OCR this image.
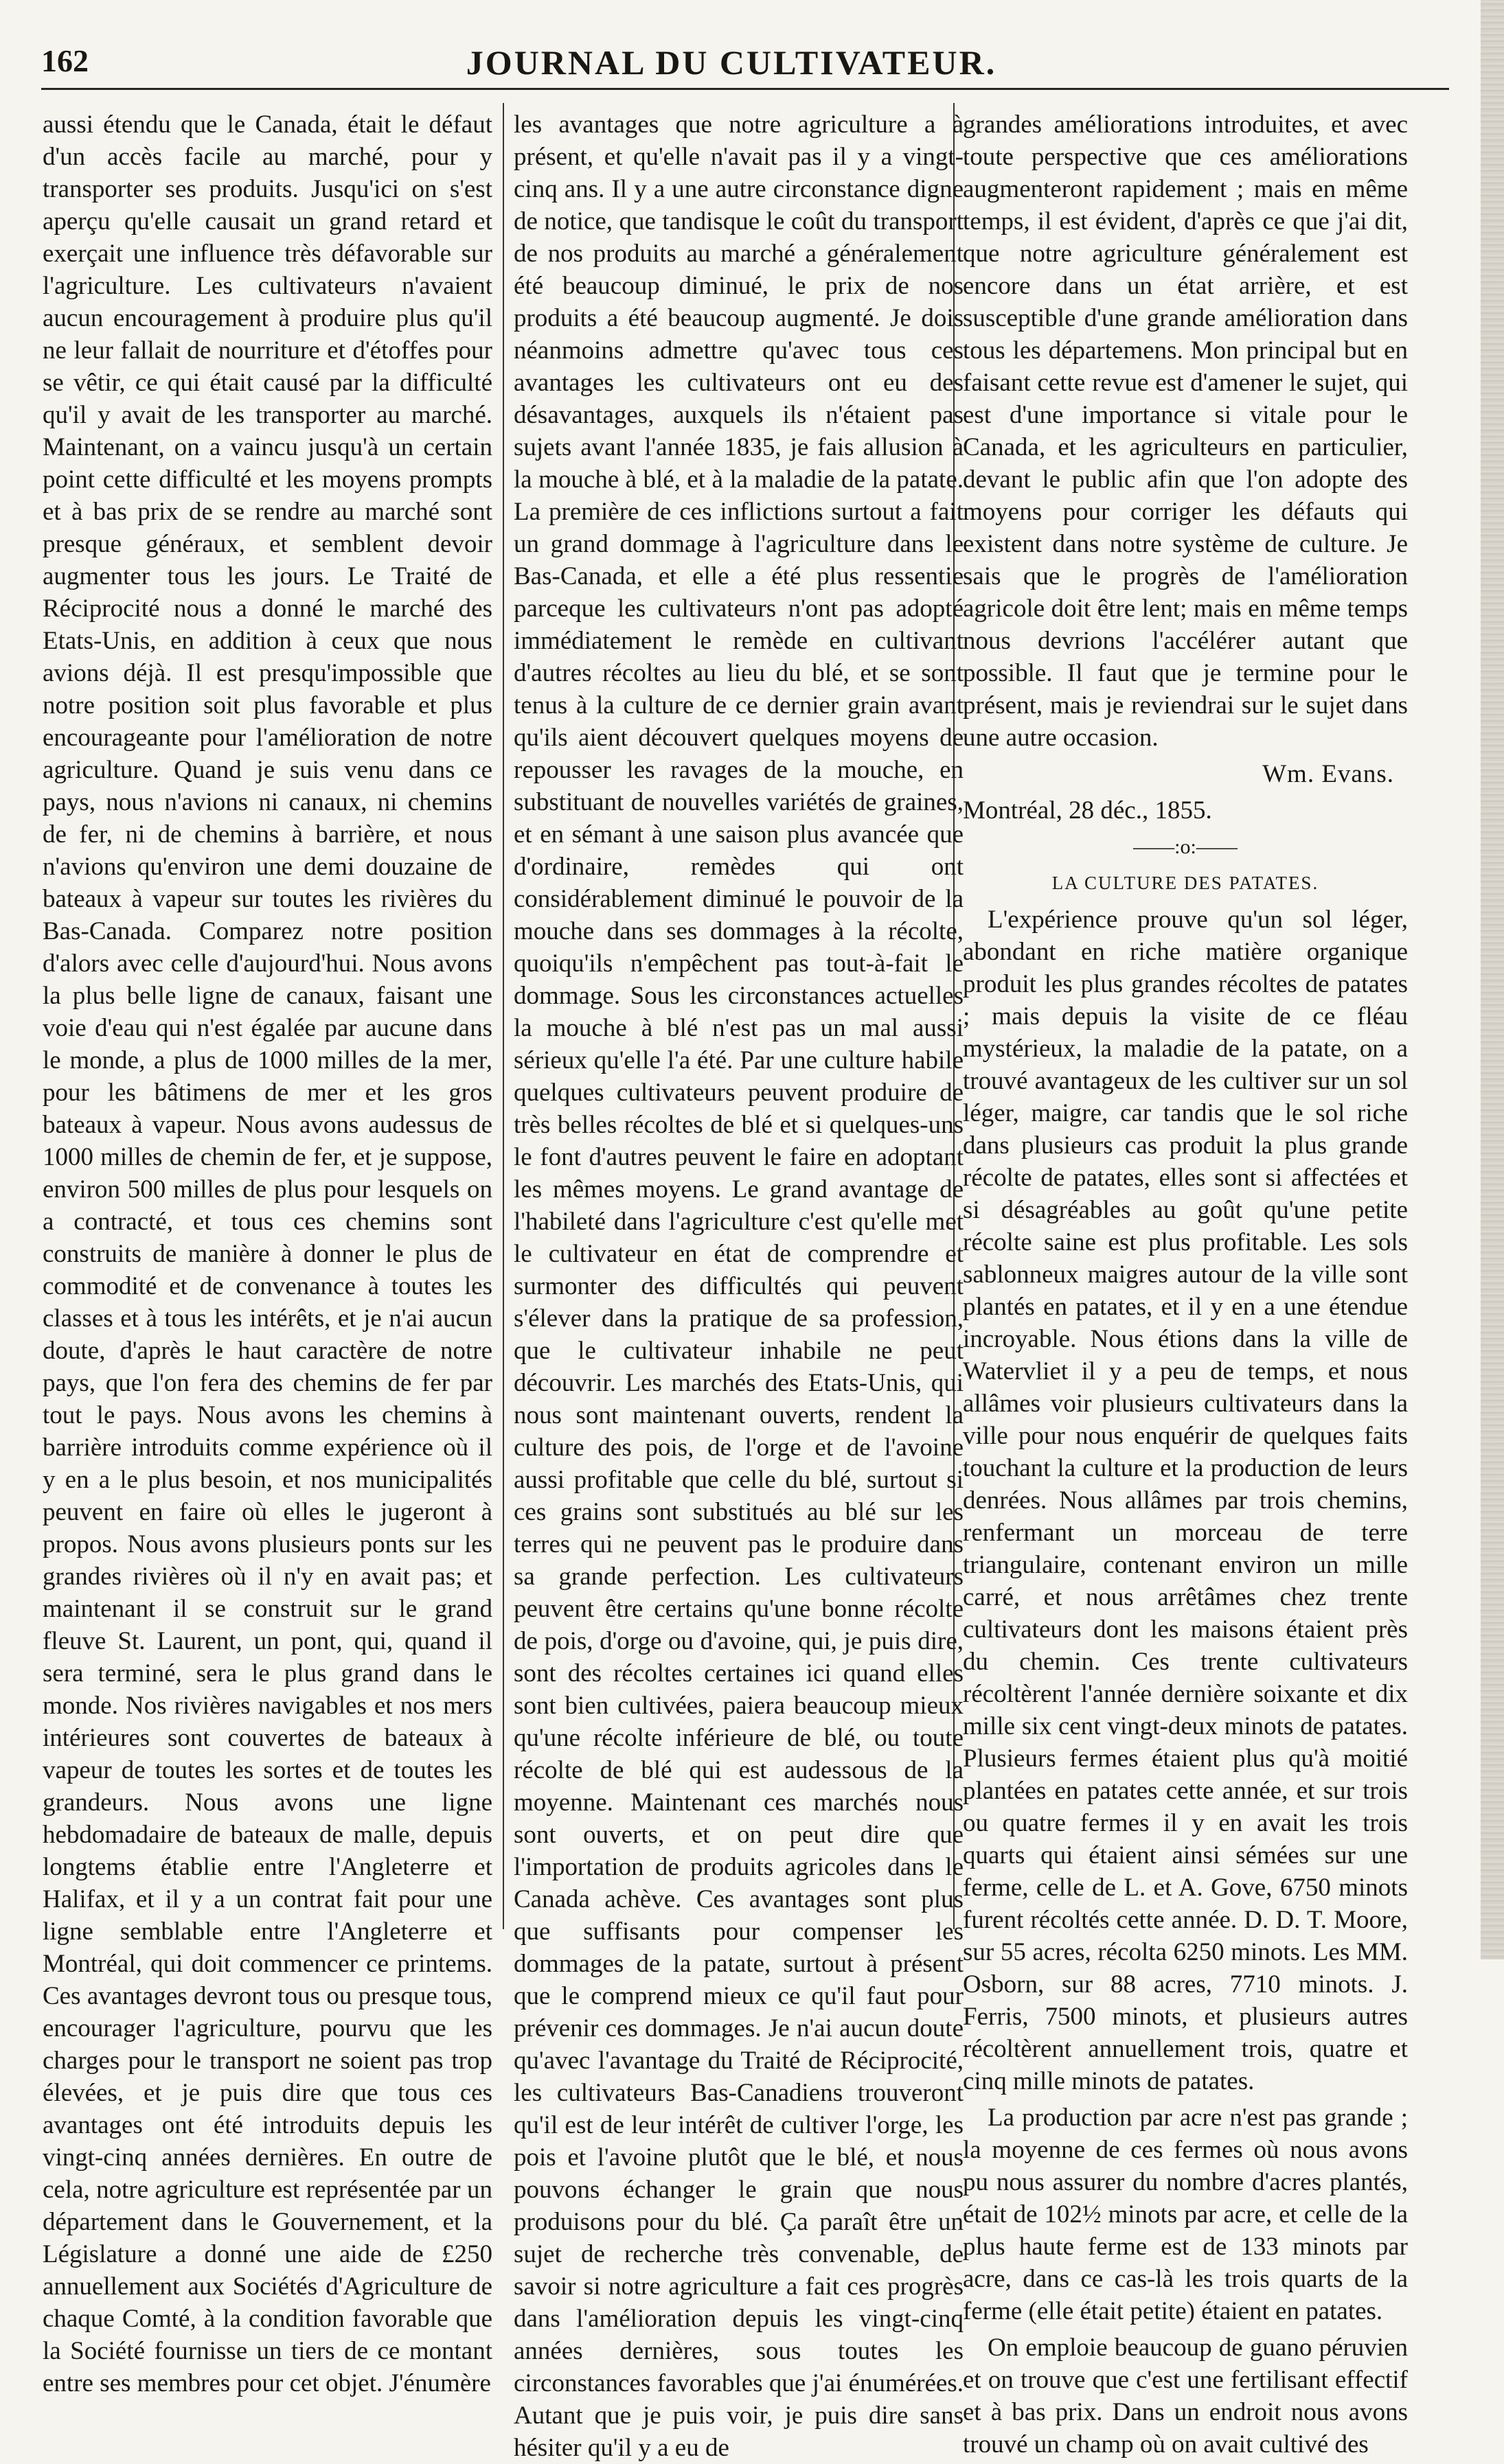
162	JOURNAL DU CULTIVATEUR.

aussi étendu que le Canada, était le défaut d'un accès facile au marché, pour y transporter ses produits. Jusqu'ici on s'est aperçu qu'elle causait un grand retard et exerçait une influence très défavorable sur l'agriculture. Les cultivateurs n'avaient aucun encouragement à produire plus qu'il ne leur fallait de nourriture et d'étoffes pour se vêtir, ce qui était causé par la difficulté qu'il y avait de les transporter au marché. Maintenant, on a vaincu jusqu'à un certain point cette difficulté et les moyens prompts et à bas prix de se rendre au marché sont presque généraux, et semblent devoir augmenter tous les jours. Le Traité de Réciprocité nous a donné le marché des Etats-Unis, en addition à ceux que nous avions déjà. Il est presqu'impossible que notre position soit plus favorable et plus encourageante pour l'amélioration de notre agriculture. Quand je suis venu dans ce pays, nous n'avions ni canaux, ni chemins de fer, ni de chemins à barrière, et nous n'avions qu'environ une demi douzaine de bateaux à vapeur sur toutes les rivières du Bas-Canada. Comparez notre position d'alors avec celle d'aujourd'hui. Nous avons la plus belle ligne de canaux, faisant une voie d'eau qui n'est égalée par aucune dans le monde, a plus de 1000 milles de la mer, pour les bâtimens de mer et les gros bateaux à vapeur. Nous avons audessus de 1000 milles de chemin de fer, et je suppose, environ 500 milles de plus pour lesquels on a contracté, et tous ces chemins sont construits de manière à donner le plus de commodité et de convenance à toutes les classes et à tous les intérêts, et je n'ai aucun doute, d'après le haut caractère de notre pays, que l'on fera des chemins de fer par tout le pays. Nous avons les chemins à barrière introduits comme expérience où il y en a le plus besoin, et nos municipalités peuvent en faire où elles le jugeront à propos. Nous avons plusieurs ponts sur les grandes rivières où il n'y en avait pas; et maintenant il se construit sur le grand fleuve St. Laurent, un pont, qui, quand il sera terminé, sera le plus grand dans le monde. Nos rivières navigables et nos mers intérieures sont couvertes de bateaux à vapeur de toutes les sortes et de toutes les grandeurs. Nous avons une ligne hebdomadaire de bateaux de malle, depuis longtems établie entre l'Angleterre et Halifax, et il y a un contrat fait pour une ligne semblable entre l'Angleterre et Montréal, qui doit commencer ce printems. Ces avantages devront tous ou presque tous, encourager l'agriculture, pourvu que les charges pour le transport ne soient pas trop élevées, et je puis dire que tous ces avantages ont été introduits depuis les vingt-cinq années dernières. En outre de cela, notre agriculture est représentée par un département dans le Gouvernement, et la Législature a donné une aide de £250 annuellement aux Sociétés d'Agriculture de chaque Comté, à la condition favorable que la Société fournisse un tiers de ce montant entre ses membres pour cet objet. J'énumère

les avantages que notre agriculture a à présent, et qu'elle n'avait pas il y a vingt-cinq ans. Il y a une autre circonstance digne de notice, que tandisque le coût du transport de nos produits au marché a généralement été beaucoup diminué, le prix de nos produits a été beaucoup augmenté. Je dois néanmoins admettre qu'avec tous ces avantages les cultivateurs ont eu des désavantages, auxquels ils n'étaient pas sujets avant l'année 1835, je fais allusion à la mouche à blé, et à la maladie de la patate. La première de ces inflictions surtout a fait un grand dommage à l'agriculture dans le Bas-Canada, et elle a été plus ressentie parceque les cultivateurs n'ont pas adopté immédiatement le remède en cultivant d'autres récoltes au lieu du blé, et se sont tenus à la culture de ce dernier grain avant qu'ils aient découvert quelques moyens de repousser les ravages de la mouche, en substituant de nouvelles variétés de graines, et en sémant à une saison plus avancée que d'ordinaire, remèdes qui ont considérablement diminué le pouvoir de la mouche dans ses dommages à la récolte, quoiqu'ils n'empêchent pas tout-à-fait le dommage. Sous les circonstances actuelles la mouche à blé n'est pas un mal aussi sérieux qu'elle l'a été. Par une culture habile quelques cultivateurs peuvent produire de très belles récoltes de blé et si quelques-uns le font d'autres peuvent le faire en adoptant les mêmes moyens. Le grand avantage de l'habileté dans l'agriculture c'est qu'elle met le cultivateur en état de comprendre et surmonter des difficultés qui peuvent s'élever dans la pratique de sa profession, que le cultivateur inhabile ne peut découvrir. Les marchés des Etats-Unis, qui nous sont maintenant ouverts, rendent la culture des pois, de l'orge et de l'avoine aussi profitable que celle du blé, surtout si ces grains sont substitués au blé sur les terres qui ne peuvent pas le produire dans sa grande perfection. Les cultivateurs peuvent être certains qu'une bonne récolte de pois, d'orge ou d'avoine, qui, je puis dire, sont des récoltes certaines ici quand elles sont bien cultivées, paiera beaucoup mieux qu'une récolte inférieure de blé, ou toute récolte de blé qui est audessous de la moyenne. Maintenant ces marchés nous sont ouverts, et on peut dire que l'importation de produits agricoles dans le Canada achève. Ces avantages sont plus que suffisants pour compenser les dommages de la patate, surtout à présent que le comprend mieux ce qu'il faut pour prévenir ces dommages. Je n'ai aucun doute qu'avec l'avantage du Traité de Réciprocité, les cultivateurs Bas-Canadiens trouveront qu'il est de leur intérêt de cultiver l'orge, les pois et l'avoine plutôt que le blé, et nous pouvons échanger le grain que nous produisons pour du blé. Ça paraît être un sujet de recherche très convenable, de savoir si notre agriculture a fait ces progrès dans l'amélioration depuis les vingt-cinq années dernières, sous toutes les circonstances favorables que j'ai énumérées. Autant que je puis voir, je puis dire sans hésiter qu'il y a eu de

grandes améliorations introduites, et avec toute perspective que ces améliorations augmenteront rapidement ; mais en même temps, il est évident, d'après ce que j'ai dit, que notre agriculture généralement est encore dans un état arrière, et est susceptible d'une grande amélioration dans tous les départemens. Mon principal but en faisant cette revue est d'amener le sujet, qui est d'une importance si vitale pour le Canada, et les agriculteurs en particulier, devant le public afin que l'on adopte des moyens pour corriger les défauts qui existent dans notre système de culture. Je sais que le progrès de l'amélioration agricole doit être lent; mais en même temps nous devrions l'accélérer autant que possible. Il faut que je termine pour le présent, mais je reviendrai sur le sujet dans une autre occasion.

Wm. Evans.

Montréal, 28 déc., 1855.

——:o:——

LA CULTURE DES PATATES.

L'expérience prouve qu'un sol léger, abondant en riche matière organique produit les plus grandes récoltes de patates ; mais depuis la visite de ce fléau mystérieux, la maladie de la patate, on a trouvé avantageux de les cultiver sur un sol léger, maigre, car tandis que le sol riche dans plusieurs cas produit la plus grande récolte de patates, elles sont si affectées et si désagréables au goût qu'une petite récolte saine est plus profitable. Les sols sablonneux maigres autour de la ville sont plantés en patates, et il y en a une étendue incroyable. Nous étions dans la ville de Watervliet il y a peu de temps, et nous allâmes voir plusieurs cultivateurs dans la ville pour nous enquérir de quelques faits touchant la culture et la production de leurs denrées. Nous allâmes par trois chemins, renfermant un morceau de terre triangulaire, contenant environ un mille carré, et nous arrêtâmes chez trente cultivateurs dont les maisons étaient près du chemin. Ces trente cultivateurs récoltèrent l'année dernière soixante et dix mille six cent vingt-deux minots de patates. Plusieurs fermes étaient plus qu'à moitié plantées en patates cette année, et sur trois ou quatre fermes il y en avait les trois quarts qui étaient ainsi sémées sur une ferme, celle de L. et A. Gove, 6750 minots furent récoltés cette année. D. D. T. Moore, sur 55 acres, récolta 6250 minots. Les MM. Osborn, sur 88 acres, 7710 minots. J. Ferris, 7500 minots, et plusieurs autres récoltèrent annuellement trois, quatre et cinq mille minots de patates.

La production par acre n'est pas grande ; la moyenne de ces fermes où nous avons pu nous assurer du nombre d'acres plantés, était de 102½ minots par acre, et celle de la plus haute ferme est de 133 minots par acre, dans ce cas-là les trois quarts de la ferme (elle était petite) étaient en patates.

On emploie beaucoup de guano péruvien et on trouve que c'est une fertilisant effectif et à bas prix. Dans un endroit nous avons trouvé un champ où on avait cultivé des
